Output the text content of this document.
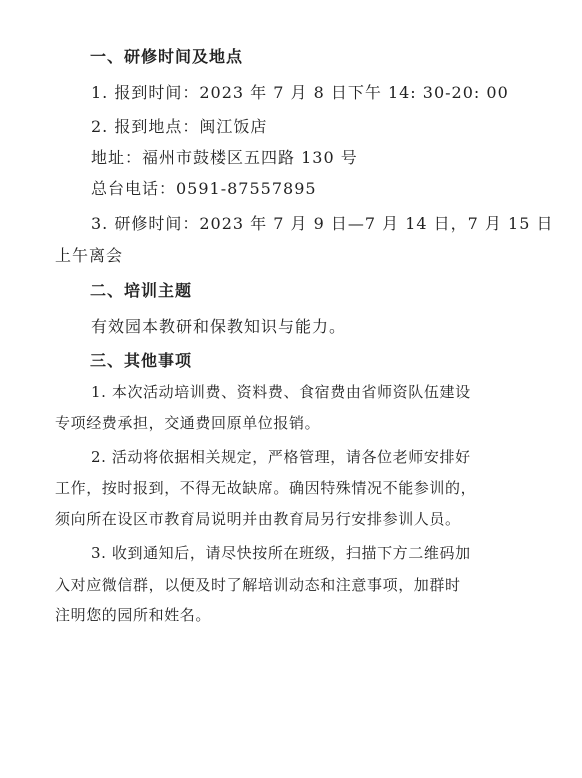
一、研修时间及地点
1. 报到时间：2023 年 7 月 8 日下午 14: 30-20: 00
2. 报到地点：闽江饭店
地址：福州市鼓楼区五四路 130 号
总台电话：0591-87557895
3. 研修时间：2023 年 7 月 9 日—7 月 14 日，7 月 15 日
上午离会
二、培训主题
有效园本教研和保教知识与能力。
三、其他事项
1. 本次活动培训费、资料费、食宿费由省师资队伍建设
专项经费承担，交通费回原单位报销。
2. 活动将依据相关规定，严格管理，请各位老师安排好
工作，按时报到，不得无故缺席。确因特殊情况不能参训的，
须向所在设区市教育局说明并由教育局另行安排参训人员。
3. 收到通知后，请尽快按所在班级，扫描下方二维码加
入对应微信群，以便及时了解培训动态和注意事项，加群时
注明您的园所和姓名。
